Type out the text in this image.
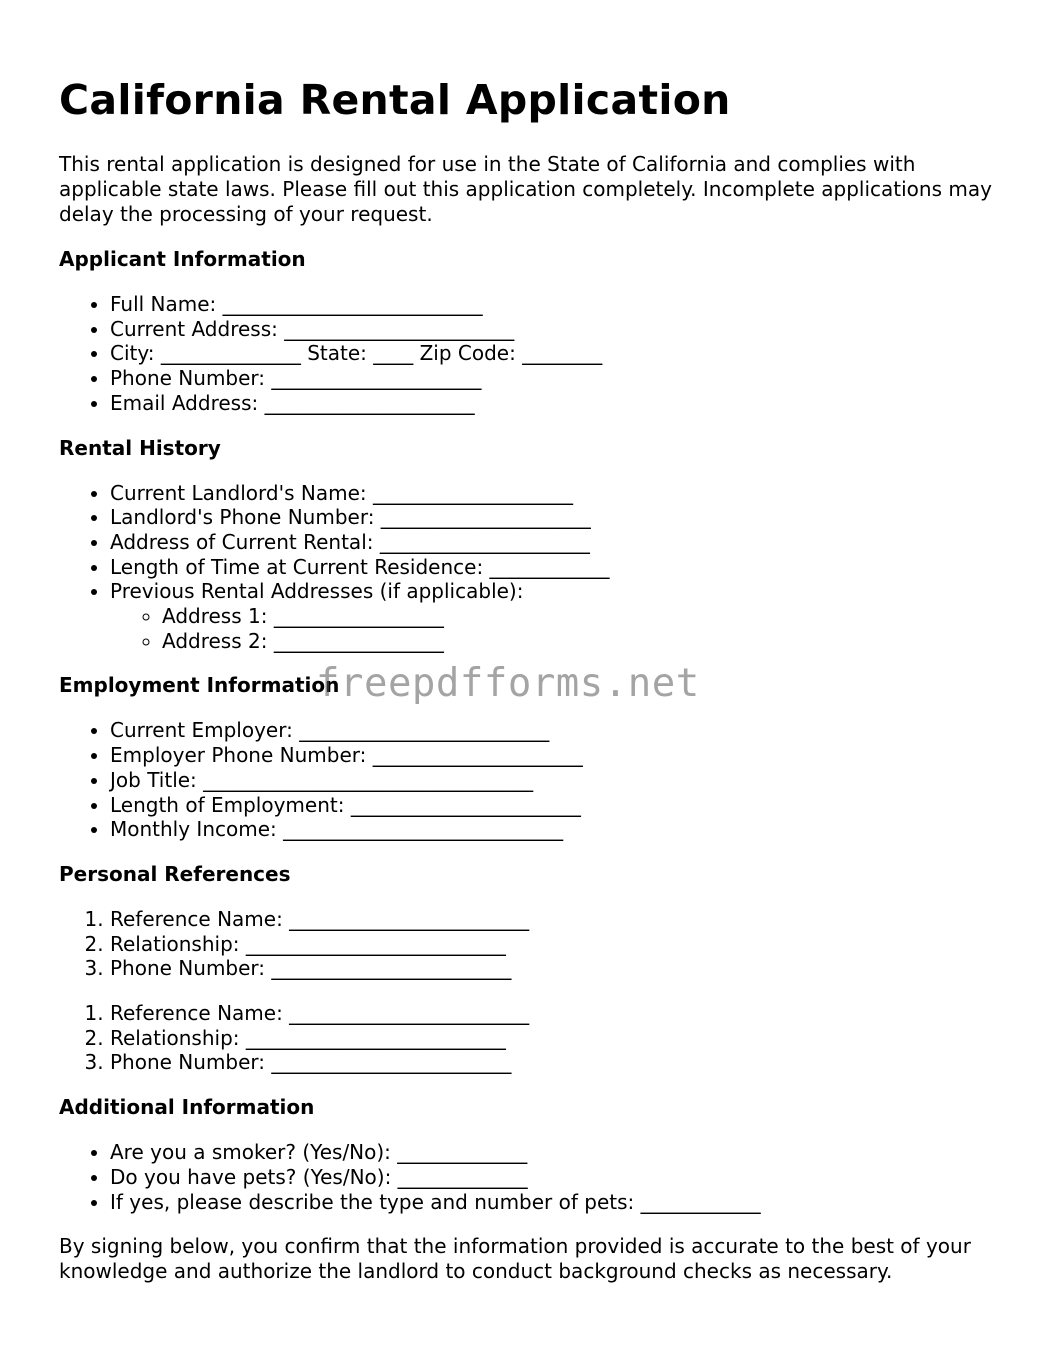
California Rental Application

This rental application is designed for use in the State of California and complies with applicable state laws. Please fill out this application completely. Incomplete applications may delay the processing of your request.

Applicant Information
• Full Name: __________________________
• Current Address: _______________________
• City: ______________ State: ____ Zip Code: ________
• Phone Number: _____________________
• Email Address: _____________________
Rental History
• Current Landlord's Name: ____________________
• Landlord's Phone Number: _____________________
• Address of Current Rental: _____________________
• Length of Time at Current Residence: ____________
• Previous Rental Addresses (if applicable):
◦ Address 1: _________________
◦ Address 2: _________________
Employment Information
• Current Employer: _________________________
• Employer Phone Number: _____________________
• Job Title: _________________________________
• Length of Employment: _______________________
• Monthly Income: ____________________________
Personal References
1. Reference Name: ________________________
2. Relationship: __________________________
3. Phone Number: ________________________
1. Reference Name: ________________________
2. Relationship: __________________________
3. Phone Number: ________________________
Additional Information
• Are you a smoker? (Yes/No): _____________
• Do you have pets? (Yes/No): _____________
• If yes, please describe the type and number of pets: ____________

By signing below, you confirm that the information provided is accurate to the best of your knowledge and authorize the landlord to conduct background checks as necessary.

freepdfforms.net
